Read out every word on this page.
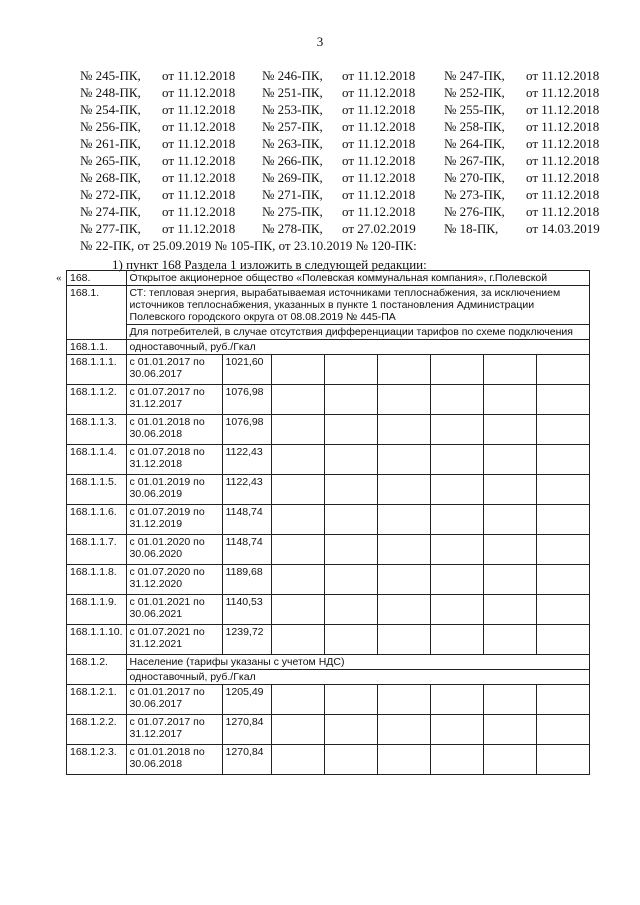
3
№ 245-ПК, от 11.12.2018 № 246-ПК, от 11.12.2018 № 247-ПК, от 11.12.2018
№ 248-ПК, от 11.12.2018 № 251-ПК, от 11.12.2018 № 252-ПК, от 11.12.2018
№ 254-ПК, от 11.12.2018 № 253-ПК, от 11.12.2018 № 255-ПК, от 11.12.2018
№ 256-ПК, от 11.12.2018 № 257-ПК, от 11.12.2018 № 258-ПК, от 11.12.2018
№ 261-ПК, от 11.12.2018 № 263-ПК, от 11.12.2018 № 264-ПК, от 11.12.2018
№ 265-ПК, от 11.12.2018 № 266-ПК, от 11.12.2018 № 267-ПК, от 11.12.2018
№ 268-ПК, от 11.12.2018 № 269-ПК, от 11.12.2018 № 270-ПК, от 11.12.2018
№ 272-ПК, от 11.12.2018 № 271-ПК, от 11.12.2018 № 273-ПК, от 11.12.2018
№ 274-ПК, от 11.12.2018 № 275-ПК, от 11.12.2018 № 276-ПК, от 11.12.2018
№ 277-ПК, от 11.12.2018 № 278-ПК, от 27.02.2019 № 18-ПК, от 14.03.2019
№ 22-ПК, от 25.09.2019 № 105-ПК, от 23.10.2019 № 120-ПК:
1) пункт 168 Раздела 1 изложить в следующей редакции:
« 168.	Открытое акционерное общество «Полевская коммунальная компания», г.Полевской							
168.1.	СТ: тепловая энергия, вырабатываемая источниками теплоснабжения, за исключением источников теплоснабжения, указанных в пункте 1 постановления Администрации Полевского городского округа от 08.08.2019 № 445-ПА							
	Для потребителей, в случае отсутствия дифференциации тарифов по схеме подключения							
168.1.1.	одноставочный, руб./Гкал							
168.1.1.1.	с 01.01.2017 по 30.06.2017	1021,60						
168.1.1.2.	с 01.07.2017 по 31.12.2017	1076,98						
168.1.1.3.	с 01.01.2018 по 30.06.2018	1076,98						
168.1.1.4.	с 01.07.2018 по 31.12.2018	1122,43						
168.1.1.5.	с 01.01.2019 по 30.06.2019	1122,43						
168.1.1.6.	с 01.07.2019 по 31.12.2019	1148,74						
168.1.1.7.	с 01.01.2020 по 30.06.2020	1148,74						
168.1.1.8.	с 01.07.2020 по 31.12.2020	1189,68						
168.1.1.9.	с 01.01.2021 по 30.06.2021	1140,53						
168.1.1.10.	с 01.07.2021 по 31.12.2021	1239,72						
168.1.2.	Население (тарифы указаны с учетом НДС)							
	одноставочный, руб./Гкал							
168.1.2.1.	с 01.01.2017 по 30.06.2017	1205,49						
168.1.2.2.	с 01.07.2017 по 31.12.2017	1270,84						
168.1.2.3.	с 01.01.2018 по 30.06.2018	1270,84						
